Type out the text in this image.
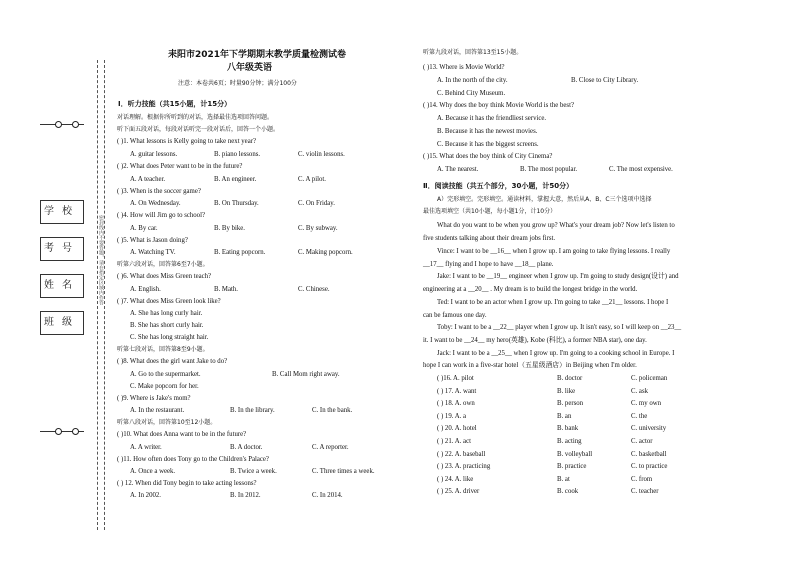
学校
考号
姓名
班级
密封线内不要答题，请在指定区域内作答
耒阳市2021年下学期期末教学质量检测试卷
八年级英语
注意：本卷共6页；时量90分钟；满分100分
Ⅰ．听力技能（共15小题，计15分）
对话理解。根据你所听到的对话，选择最佳选项回答问题。
听下面五段对话，每段对话听完一段对话后，回答一个小题。
( )1. What lessons is Kelly going to take next year?
A. guitar lessons.	B. piano lessons.	C. violin lessons.
( )2. What does Peter want to be in the future?
A. A teacher.	B. An engineer.	C. A pilot.
( )3. When is the soccer game?
A. On Wednesday.	B. On Thursday.	C. On Friday.
( )4. How will Jim go to school?
A. By car.	B. By bike.	C. By subway.
( )5. What is Jason doing?
A. Watching TV.	B. Eating popcorn.	C. Making popcorn.
听第六段对话，回答第6至7小题。
( )6. What does Miss Green teach?
A. English.	B. Math.	C. Chinese.
( )7. What does Miss Green look like?
A. She has long curly hair.
B. She has short curly hair.
C. She has long straight hair.
听第七段对话，回答第8至9小题。
( )8. What does the girl want Jake to do?
A. Go to the supermarket.	B. Call Mom right away.
C. Make popcorn for her.
( )9. Where is Jake's mom?
A. In the restaurant.	B. In the library.	C. In the bank.
听第八段对话，回答第10至12小题。
( )10. What does Anna want to be in the future?
A. A writer.	B. A doctor.	C. A reporter.
( )11. How often does Tony go to the Children's Palace?
A. Once a week.	B. Twice a week.	C. Three times a week.
( ) 12. When did Tony begin to take acting lessons?
A. In 2002.	B. In 2012.	C. In 2014.
听第九段对话，回答第13至15小题。
( )13. Where is Movie World?
A. In the north of the city.	B. Close to City Library.
C. Behind City Museum.
( )14. Why does the boy think Movie World is the best?
A. Because it has the friendliest service.
B. Because it has the newest movies.
C. Because it has the biggest screens.
( )15. What does the boy think of City Cinema?
A. The nearest.	B. The most popular.	C. The most expensive.
Ⅱ．阅读技能（共五个部分，30小题，计50分）
A）完形填空。完形填空。通读材料，掌握大意，然后从A、B、C三个选项中选择
最佳选项填空（共10小题，每小题1分，计10分）
What do you want to be when you grow up? What's your dream job? Now let's listen to
five students talking about their dream jobs first.
Vince: I want to be __16__ when I grow up. I am going to take flying lessons. I really
__17__ flying and I hope to have __18__ plane.
Jake: I want to be __19__ engineer when I grow up. I'm going to study design(设计) and
engineering at a __20__ . My dream is to build the longest bridge in the world.
Ted: I want to be an actor when I grow up. I'm going to take __21__ lessons. I hope I
can be famous one day.
Toby: I want to be a __22__ player when I grow up. It isn't easy, so I will keep on __23__
it. I want to be __24__ my hero(英雄), Kobe (科比), a former NBA star), one day.
Jack: I want to be a __25__ when I grow up. I'm going to a cooking school in Europe. I
hope I can work in a five-star hotel（五星级酒店）in Beijing when I'm older.
( )16. A. pilot	B. doctor	C. policeman
( ) 17. A. want	B. like	C. ask
( ) 18. A. own	B. person	C. my own
( ) 19. A. a	B. an	C. the
( ) 20. A. hotel	B. bank	C. university
( ) 21. A. act	B. acting	C. actor
( ) 22. A. baseball	B. volleyball	C. basketball
( ) 23. A. practicing	B. practice	C. to practice
( ) 24. A. like	B. at	C. from
( ) 25. A. driver	B. cook	C. teacher
